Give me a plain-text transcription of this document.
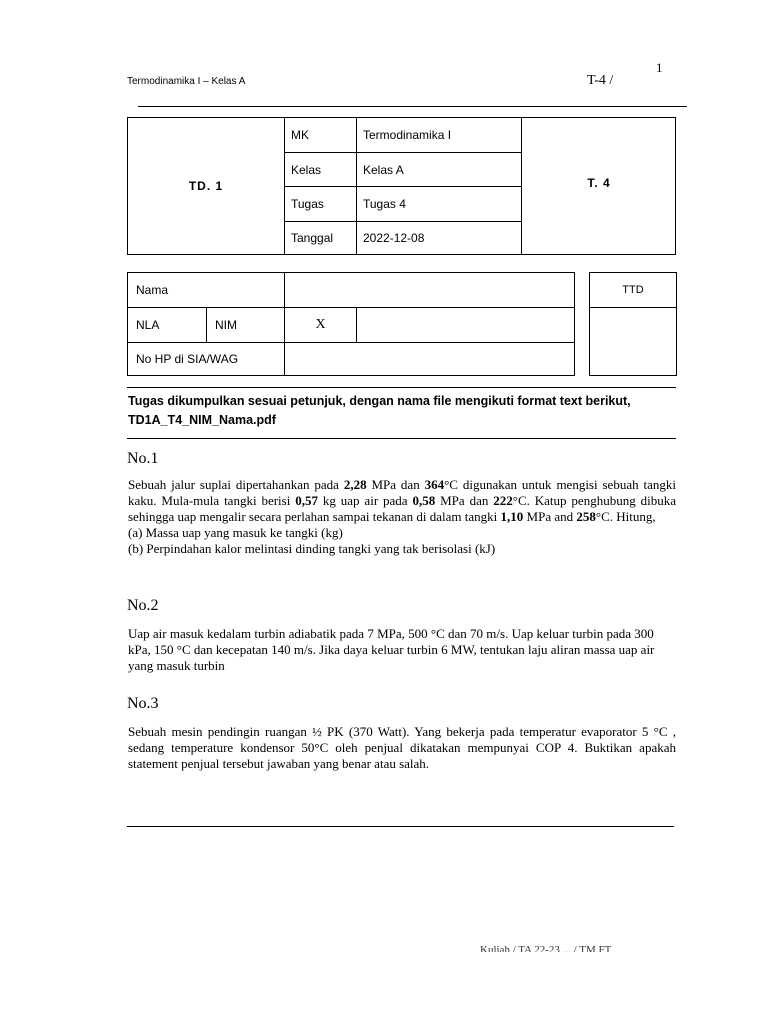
1
Termodinamika I – Kelas A	T-4 /
TD. 1	T. 4
MK	Termodinamika I
Kelas	Kelas A
Tugas	Tugas 4
Tanggal	2022-12-08
Nama
NLA	NIM	X
No HP di SIA/WAG
TTD
Tugas dikumpulkan sesuai petunjuk, dengan nama file mengikuti format text berikut,
TD1A_T4_NIM_Nama.pdf
No.1

Sebuah jalur suplai dipertahankan pada 2,28 MPa dan 364°C digunakan untuk mengisi sebuah tangki kaku. Mula-mula tangki berisi 0,57 kg uap air pada 0,58 MPa dan 222°C. Katup penghubung dibuka sehingga uap mengalir secara perlahan sampai tekanan di dalam tangki 1,10 MPa and 258°C. Hitung,

(a) Massa uap yang masuk ke tangki (kg)

(b) Perpindahan kalor melintasi dinding tangki yang tak berisolasi (kJ)

No.2
Uap air masuk kedalam turbin adiabatik pada 7 MPa, 500 °C dan 70 m/s. Uap keluar turbin pada 300 kPa, 150 °C dan kecepatan 140 m/s. Jika daya keluar turbin 6 MW, tentukan laju aliran massa uap air yang masuk turbin
No.3
Sebuah mesin pendingin ruangan ½ PK (370 Watt). Yang bekerja pada temperatur evaporator 5 °C , sedang temperature kondensor 50°C oleh penjual dikatakan mempunyai COP 4. Buktikan apakah statement penjual tersebut jawaban yang benar atau salah.
Kuliah / TA 22-23 ... / TM FT
